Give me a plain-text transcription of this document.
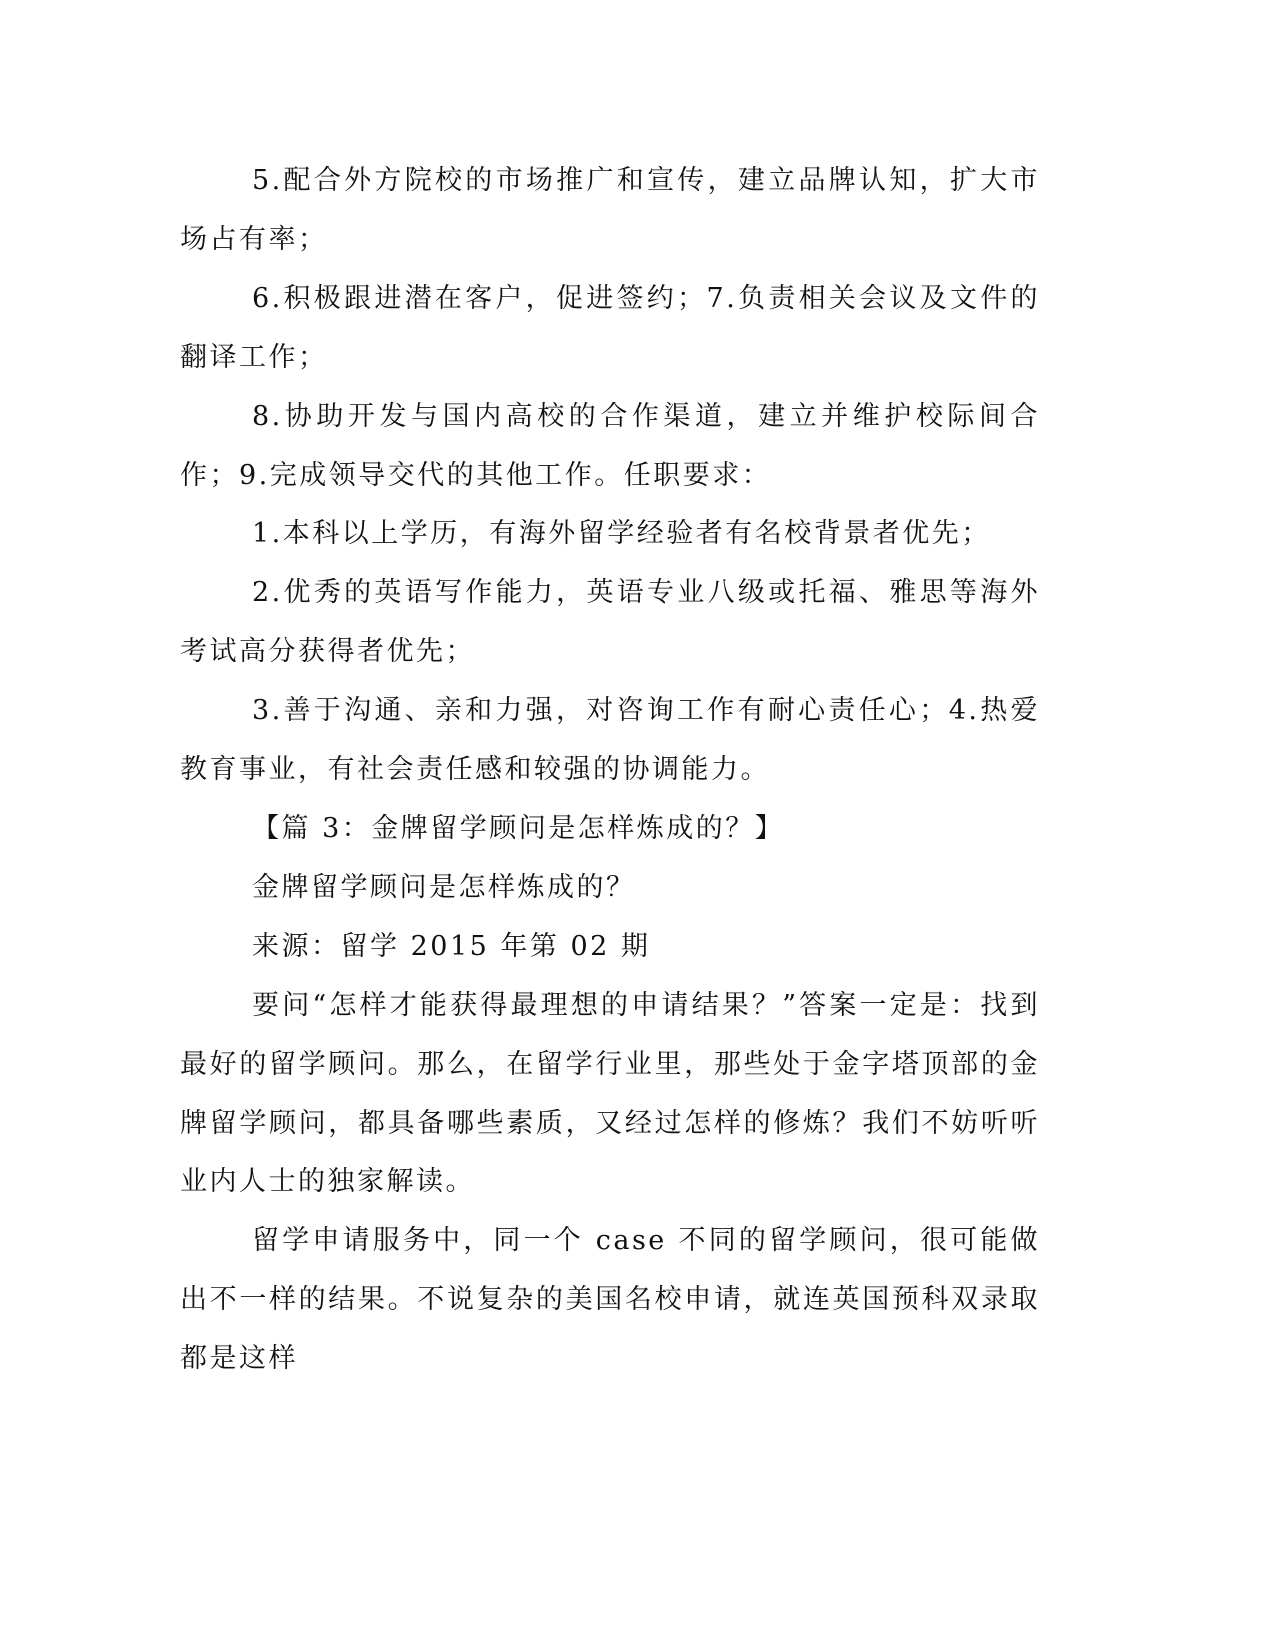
5.配合外方院校的市场推广和宣传，建立品牌认知，扩大市场占有率；

6.积极跟进潜在客户，促进签约；7.负责相关会议及文件的翻译工作；

8.协助开发与国内高校的合作渠道，建立并维护校际间合作；9.完成领导交代的其他工作。任职要求：

1.本科以上学历，有海外留学经验者有名校背景者优先；

2.优秀的英语写作能力，英语专业八级或托福、雅思等海外考试高分获得者优先；

3.善于沟通、亲和力强，对咨询工作有耐心责任心；4.热爱教育事业，有社会责任感和较强的协调能力。

【篇 3：金牌留学顾问是怎样炼成的？】

金牌留学顾问是怎样炼成的？

来源：留学 2015 年第 02 期

要问“怎样才能获得最理想的申请结果？”答案一定是：找到最好的留学顾问。那么，在留学行业里，那些处于金字塔顶部的金牌留学顾问，都具备哪些素质，又经过怎样的修炼？我们不妨听听业内人士的独家解读。

留学申请服务中，同一个 case 不同的留学顾问，很可能做出不一样的结果。不说复杂的美国名校申请，就连英国预科双录取都是这样
